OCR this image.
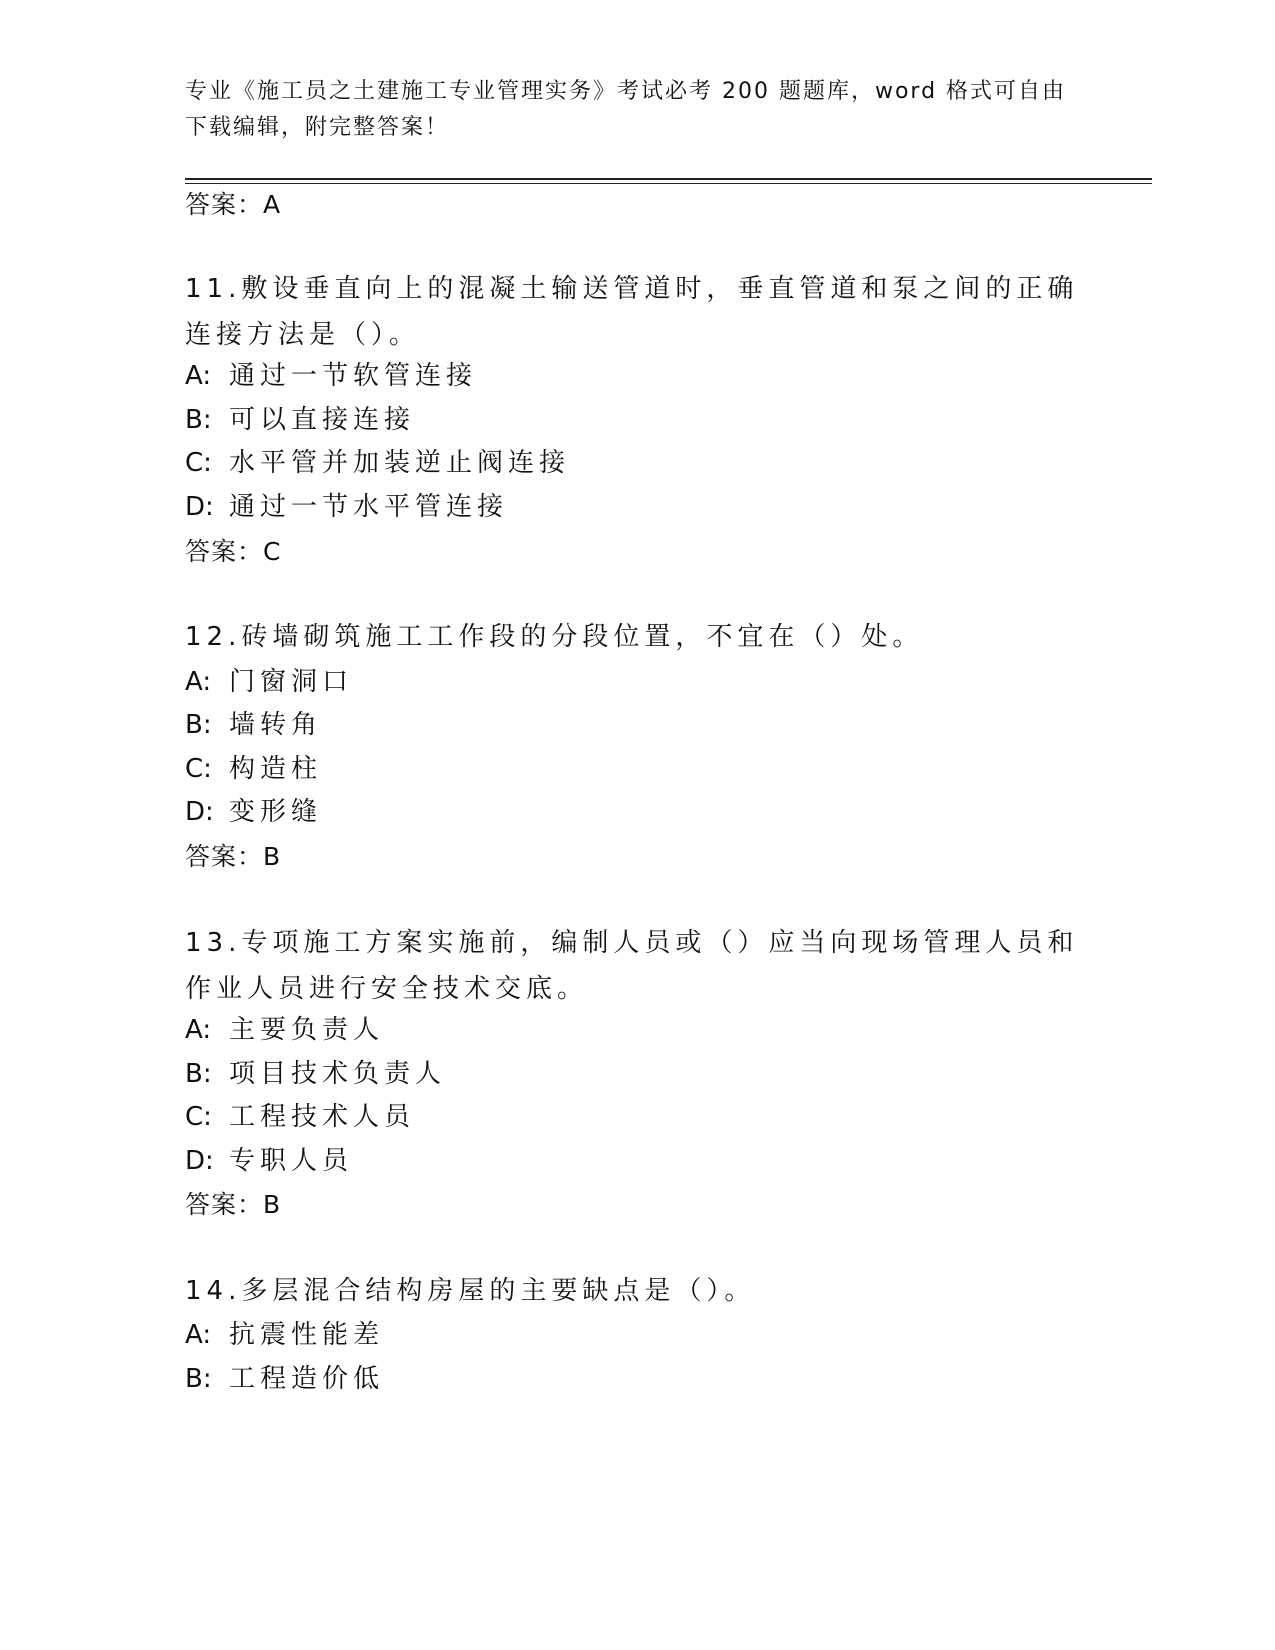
专业《施工员之土建施工专业管理实务》考试必考 200 题题库，word 格式可自由下载编辑，附完整答案！
答案：A
11.敷设垂直向上的混凝土输送管道时，垂直管道和泵之间的正确连接方法是（）。
A: 通过一节软管连接
B: 可以直接连接
C: 水平管并加装逆止阀连接
D: 通过一节水平管连接
答案：C
12.砖墙砌筑施工工作段的分段位置，不宜在（）处。
A: 门窗洞口
B: 墙转角
C: 构造柱
D: 变形缝
答案：B
13.专项施工方案实施前，编制人员或（）应当向现场管理人员和作业人员进行安全技术交底。
A: 主要负责人
B: 项目技术负责人
C: 工程技术人员
D: 专职人员
答案：B
14.多层混合结构房屋的主要缺点是（）。
A: 抗震性能差
B: 工程造价低
